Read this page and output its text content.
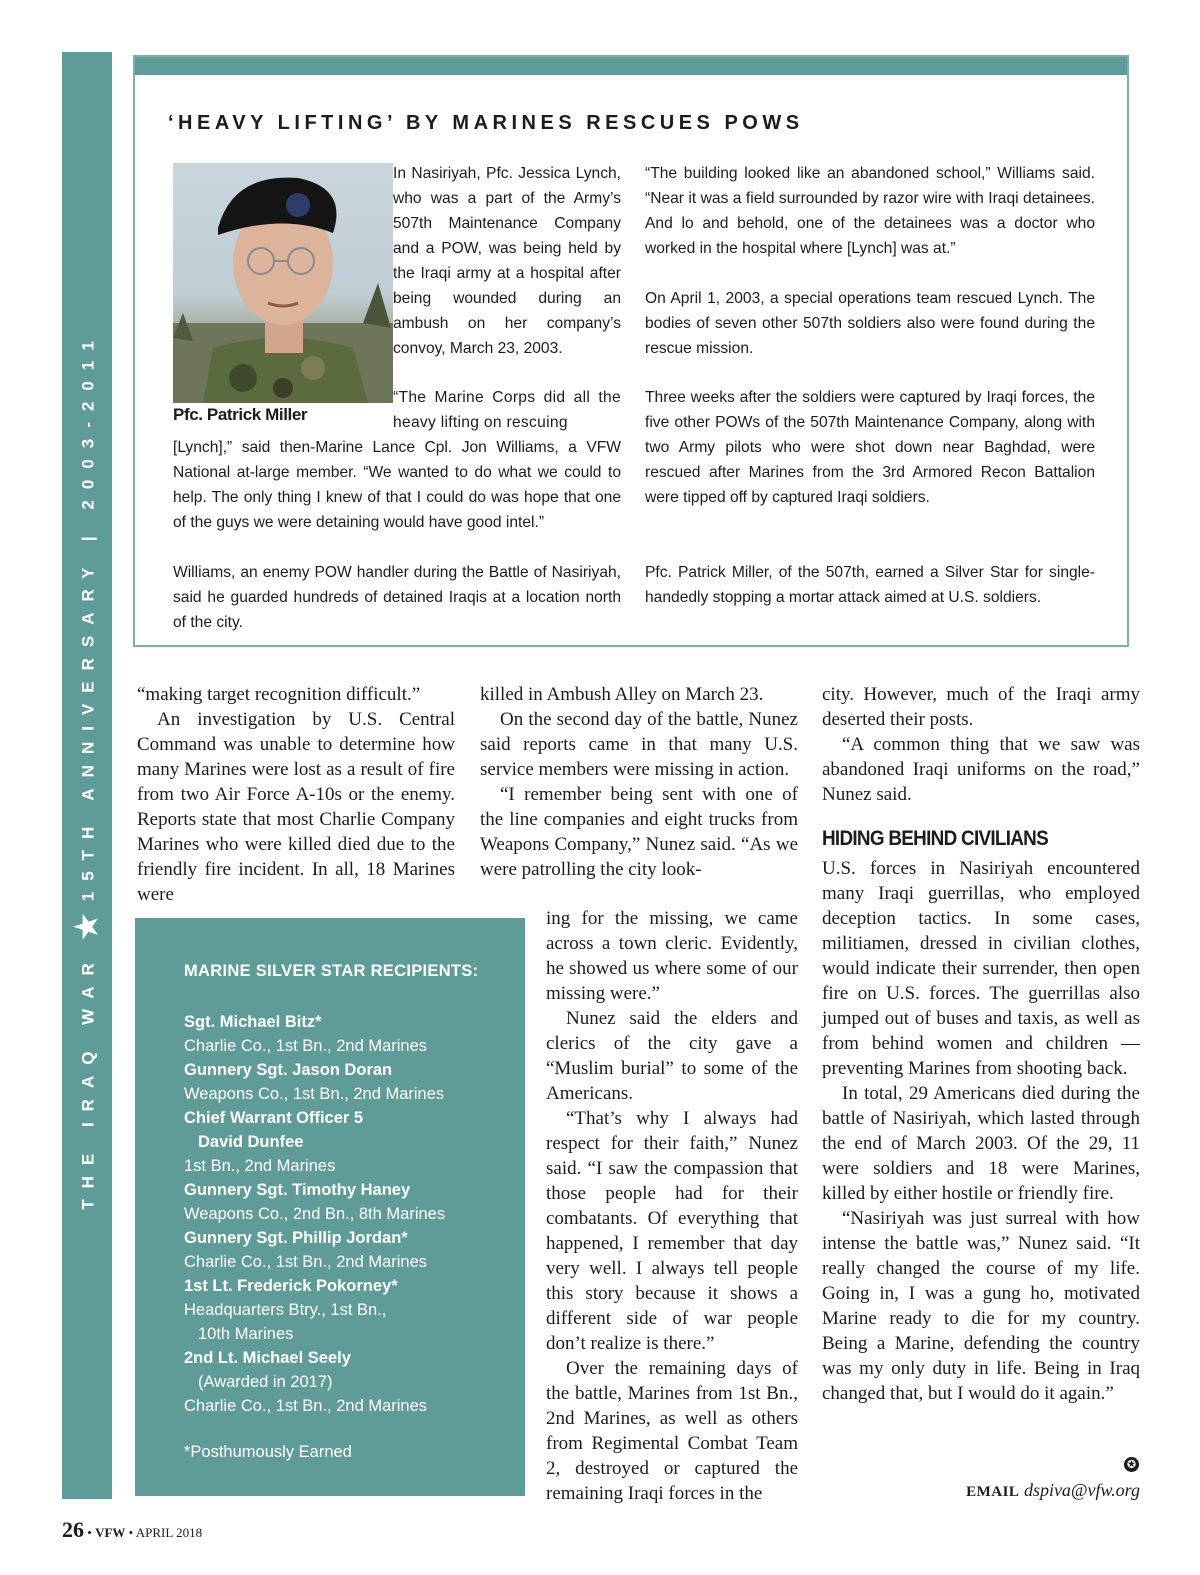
THE IRAQ WAR★15TH ANNIVERSARY | 2003-2011
‘HEAVY LIFTING’ BY MARINES RESCUES POWS
Pfc. Patrick Miller

In Nasiriyah, Pfc. Jessica Lynch, who was a part of the Army’s 507th Maintenance Company and a POW, was being held by the Iraqi army at a hospital after being wounded during an ambush on her company’s convoy, March 23, 2003.

“The Marine Corps did all the heavy lifting on rescuing

[Lynch],” said then-Marine Lance Cpl. Jon Williams, a VFW National at-large member. “We wanted to do what we could to help. The only thing I knew of that I could do was hope that one of the guys we were detaining would have good intel.”

Williams, an enemy POW handler during the Battle of Nasiriyah, said he guarded hundreds of detained Iraqis at a location north of the city.

“The building looked like an abandoned school,” Williams said. “Near it was a field surrounded by razor wire with Iraqi detainees. And lo and behold, one of the detainees was a doctor who worked in the hospital where [Lynch] was at.”

On April 1, 2003, a special operations team rescued Lynch. The bodies of seven other 507th soldiers also were found during the rescue mission.

Three weeks after the soldiers were captured by Iraqi forces, the five other POWs of the 507th Maintenance Company, along with two Army pilots who were shot down near Baghdad, were rescued after Marines from the 3rd Armored Recon Battalion were tipped off by captured Iraqi soldiers.

Pfc. Patrick Miller, of the 507th, earned a Silver Star for single-handedly stopping a mortar attack aimed at U.S. soldiers.

“making target recognition difficult.”

An investigation by U.S. Central Command was unable to determine how many Marines were lost as a result of fire from two Air Force A-10s or the enemy. Reports state that most Charlie Company Marines who were killed died due to the friendly fire incident. In all, 18 Marines were

MARINE SILVER STAR RECIPIENTS:
Sgt. Michael Bitz*
Charlie Co., 1st Bn., 2nd Marines
Gunnery Sgt. Jason Doran
Weapons Co., 1st Bn., 2nd Marines
Chief Warrant Officer 5
David Dunfee
1st Bn., 2nd Marines
Gunnery Sgt. Timothy Haney
Weapons Co., 2nd Bn., 8th Marines
Gunnery Sgt. Phillip Jordan*
Charlie Co., 1st Bn., 2nd Marines
1st Lt. Frederick Pokorney*
Headquarters Btry., 1st Bn.,
10th Marines
2nd Lt. Michael Seely
(Awarded in 2017)
Charlie Co., 1st Bn., 2nd Marines
*Posthumously Earned

killed in Ambush Alley on March 23.

On the second day of the battle, Nunez said reports came in that many U.S. service members were missing in action.

“I remember being sent with one of the line companies and eight trucks from Weapons Company,” Nunez said. “As we were patrolling the city look-

ing for the missing, we came across a town cleric. Evidently, he showed us where some of our missing were.”

Nunez said the elders and clerics of the city gave a “Muslim burial” to some of the Americans.

“That’s why I always had respect for their faith,” Nunez said. “I saw the compassion that those people had for their combatants. Of everything that happened, I remember that day very well. I always tell people this story because it shows a different side of war people don’t realize is there.”

Over the remaining days of the battle, Marines from 1st Bn., 2nd Marines, as well as others from Regimental Combat Team 2, destroyed or captured the remaining Iraqi forces in the

city. However, much of the Iraqi army deserted their posts.

“A common thing that we saw was abandoned Iraqi uniforms on the road,” Nunez said.

HIDING BEHIND CIVILIANS

U.S. forces in Nasiriyah encountered many Iraqi guerrillas, who employed deception tactics. In some cases, militiamen, dressed in civilian clothes, would indicate their surrender, then open fire on U.S. forces. The guerrillas also jumped out of buses and taxis, as well as from behind women and children — preventing Marines from shooting back.

In total, 29 Americans died during the battle of Nasiriyah, which lasted through the end of March 2003. Of the 29, 11 were soldiers and 18 were Marines, killed by either hostile or friendly fire.

“Nasiriyah was just surreal with how intense the battle was,” Nunez said. “It really changed the course of my life. Going in, I was a gung ho, motivated Marine ready to die for my country. Being a Marine, defending the country was my only duty in life. Being in Iraq changed that, but I would do it again.”

✪
EMAIL dspiva@vfw.org
26 • VFW • APRIL 2018
